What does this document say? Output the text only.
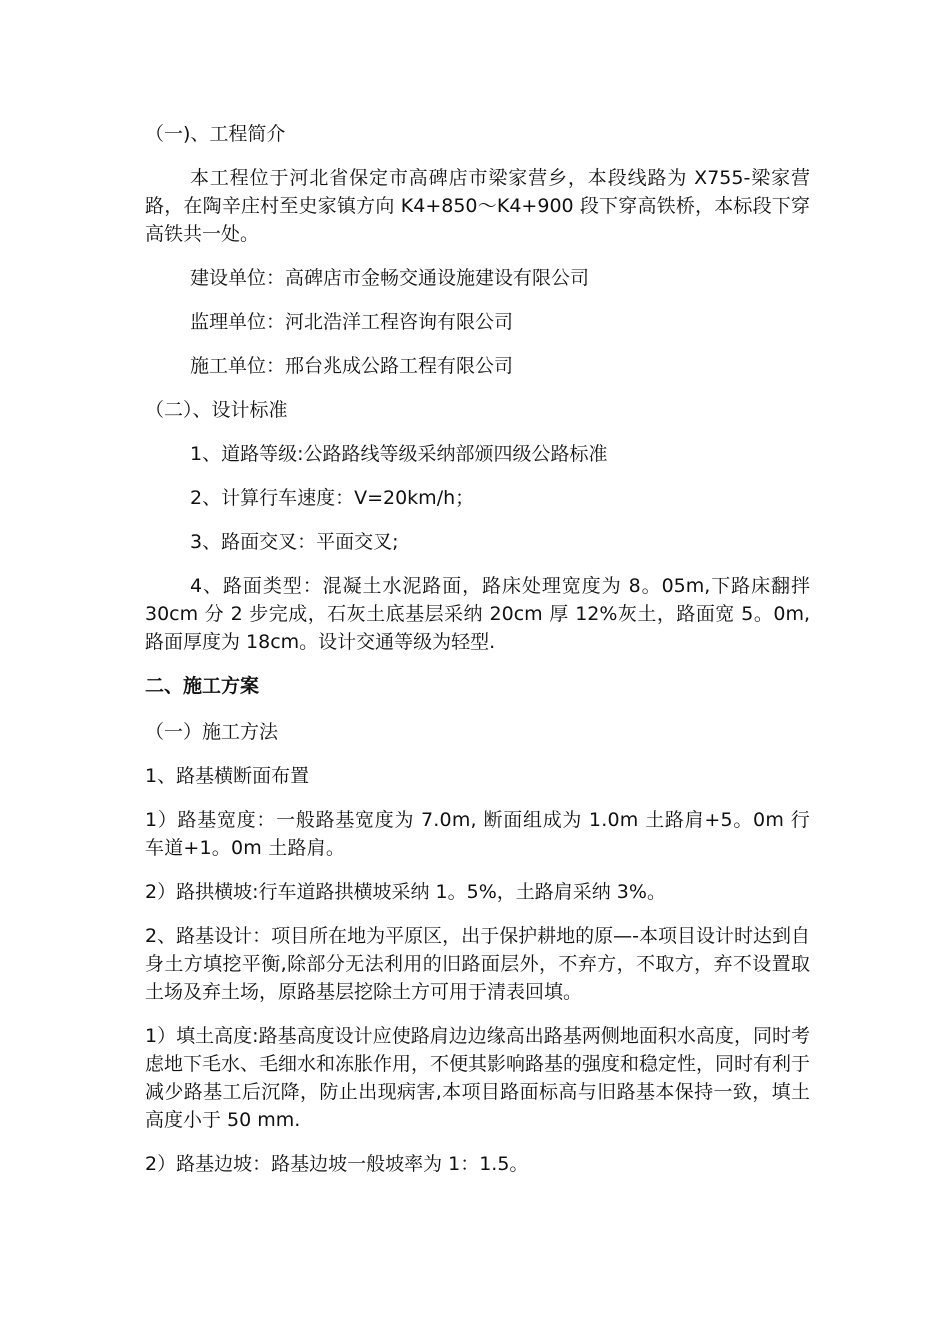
（一)、工程简介

本工程位于河北省保定市高碑店市梁家营乡，本段线路为 X755-梁家营路，在陶辛庄村至史家镇方向 K4+850～K4+900 段下穿高铁桥，本标段下穿高铁共一处。

建设单位：高碑店市金畅交通设施建设有限公司

监理单位：河北浩洋工程咨询有限公司

施工单位：邢台兆成公路工程有限公司

（二）、设计标准

1、道路等级:公路路线等级采纳部颁四级公路标准

2、计算行车速度：V=20km/h；

3、路面交叉：平面交叉;

4、路面类型：混凝土水泥路面，路床处理宽度为 8。05m,下路床翻拌 30cm 分 2 步完成，石灰土底基层采纳 20cm 厚 12%灰土，路面宽 5。0m,路面厚度为 18cm。设计交通等级为轻型.

二、施工方案

（一）施工方法

1、路基横断面布置

1）路基宽度：一般路基宽度为 7.0m, 断面组成为 1.0m 土路肩+5。0m 行车道+1。0m 土路肩。

2）路拱横坡:行车道路拱横坡采纳 1。5%，土路肩采纳 3%。

2、路基设计：项目所在地为平原区，出于保护耕地的原—-本项目设计时达到自身土方填挖平衡,除部分无法利用的旧路面层外，不弃方，不取方，弃不设置取土场及弃土场，原路基层挖除土方可用于清表回填。

1）填土高度:路基高度设计应使路肩边边缘高出路基两侧地面积水高度，同时考虑地下毛水、毛细水和冻胀作用，不便其影响路基的强度和稳定性，同时有利于减少路基工后沉降，防止出现病害,本项目路面标高与旧路基本保持一致，填土高度小于 50 mm.

2）路基边坡：路基边坡一般坡率为 1：1.5。
